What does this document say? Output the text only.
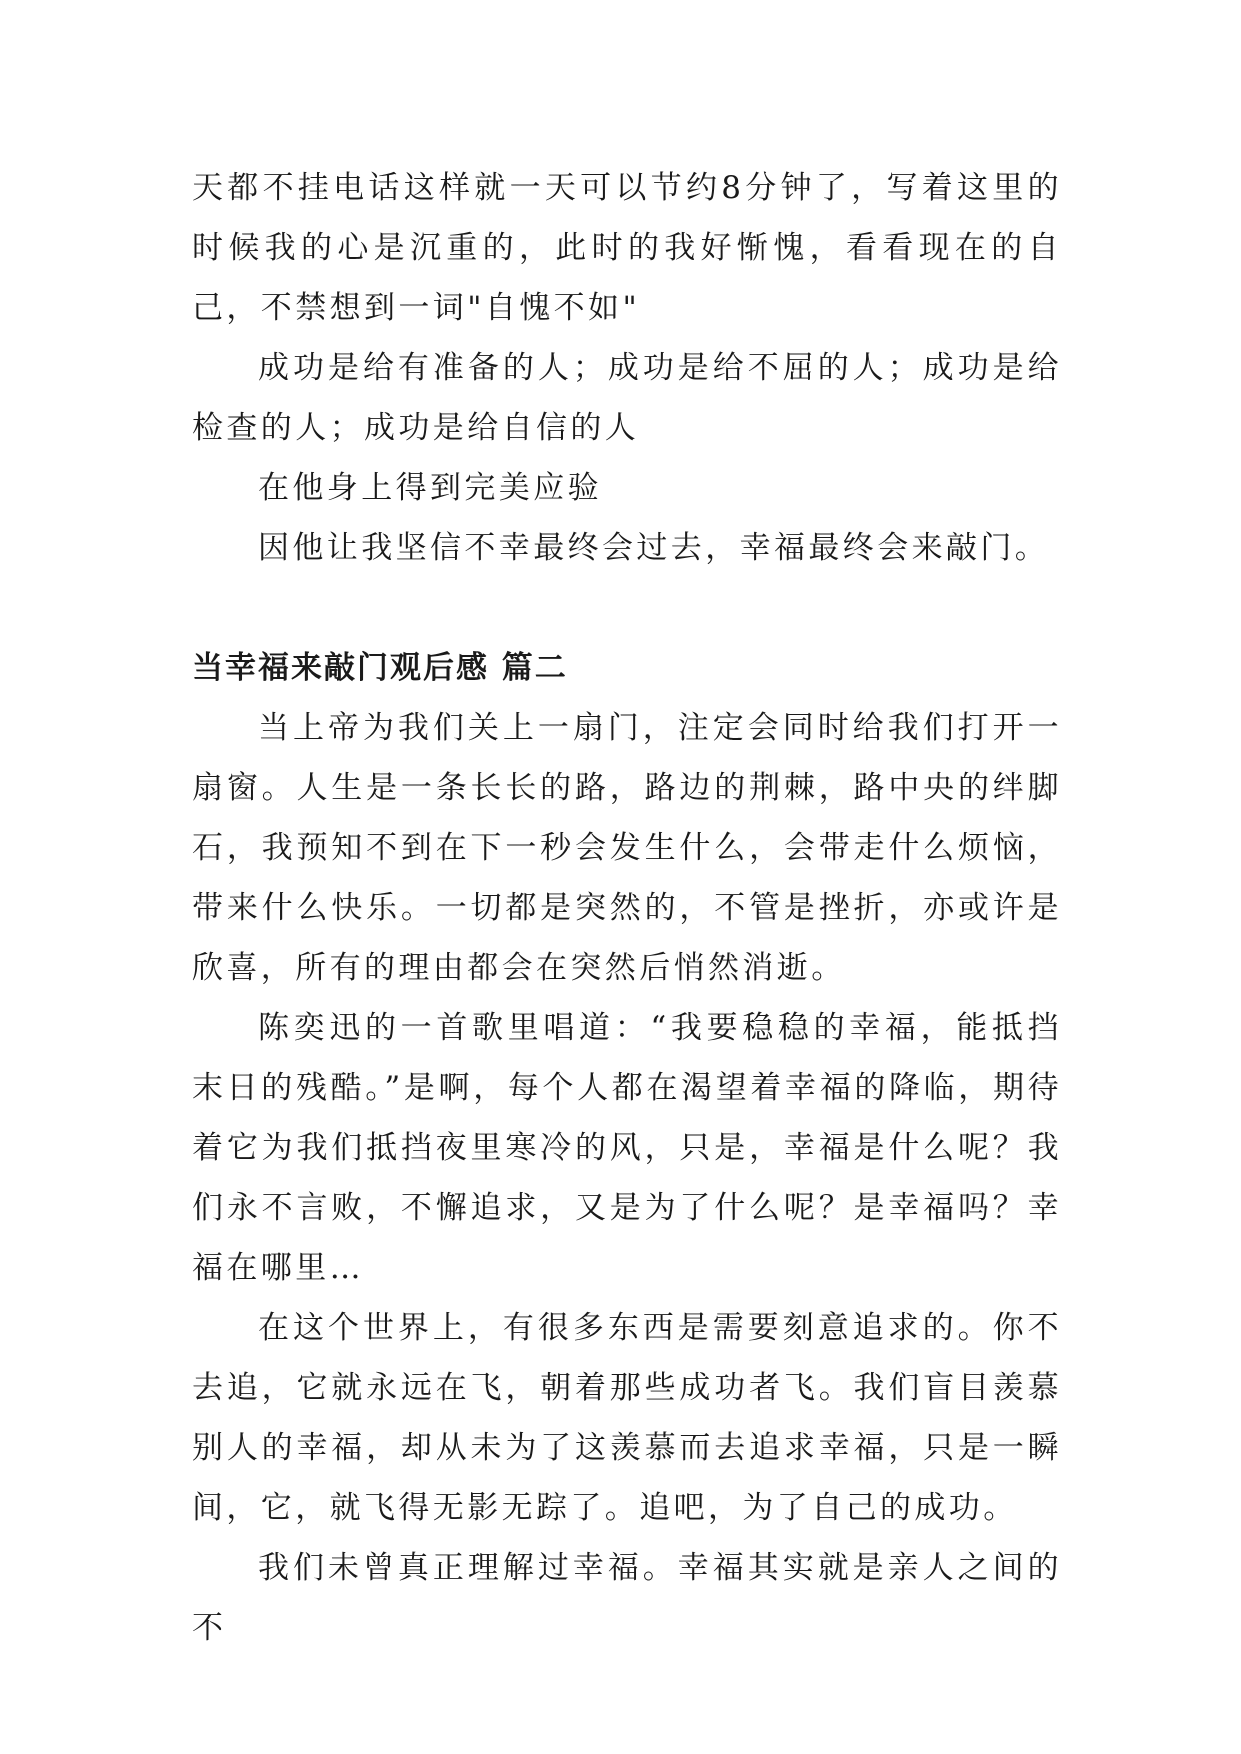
天都不挂电话这样就一天可以节约8分钟了，写着这里的时候我的心是沉重的，此时的我好惭愧，看看现在的自己，不禁想到一词"自愧不如"

成功是给有准备的人；成功是给不屈的人；成功是给检查的人；成功是给自信的人

在他身上得到完美应验

因他让我坚信不幸最终会过去，幸福最终会来敲门。

当幸福来敲门观后感 篇二

当上帝为我们关上一扇门，注定会同时给我们打开一扇窗。人生是一条长长的路，路边的荆棘，路中央的绊脚石，我预知不到在下一秒会发生什么，会带走什么烦恼，带来什么快乐。一切都是突然的，不管是挫折，亦或许是欣喜，所有的理由都会在突然后悄然消逝。

陈奕迅的一首歌里唱道：“我要稳稳的幸福，能抵挡末日的残酷。”是啊，每个人都在渴望着幸福的降临，期待着它为我们抵挡夜里寒冷的风，只是，幸福是什么呢？我们永不言败，不懈追求，又是为了什么呢？是幸福吗？幸福在哪里…

在这个世界上，有很多东西是需要刻意追求的。你不去追，它就永远在飞，朝着那些成功者飞。我们盲目羡慕别人的幸福，却从未为了这羡慕而去追求幸福，只是一瞬间，它，就飞得无影无踪了。追吧，为了自己的成功。

我们未曾真正理解过幸福。幸福其实就是亲人之间的不
